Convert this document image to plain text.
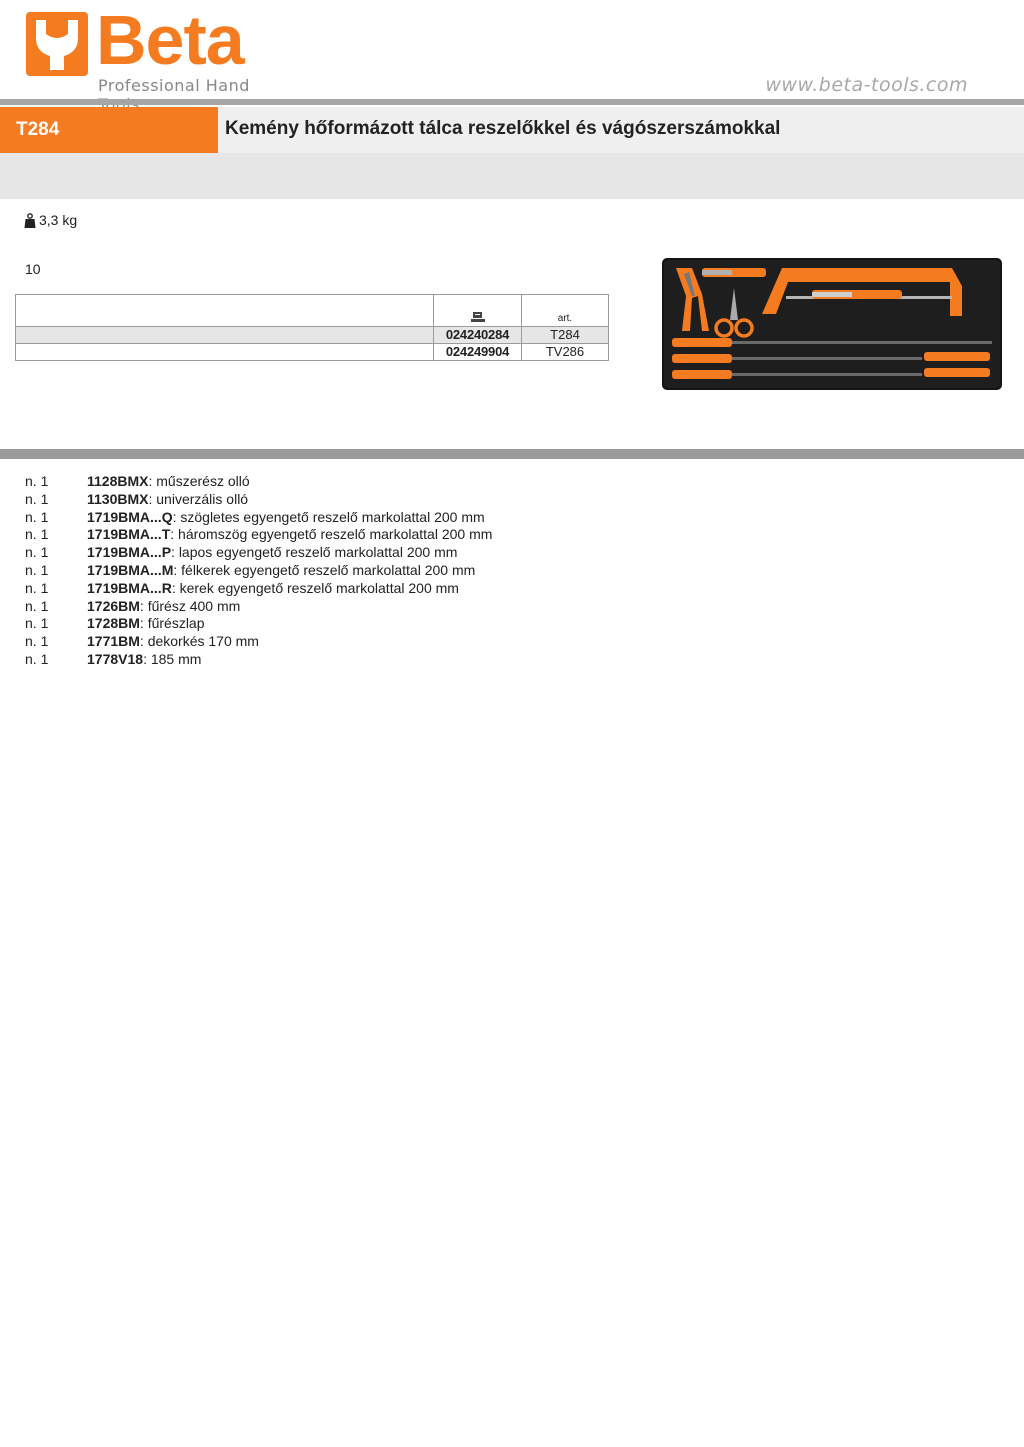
Beta
Professional Hand	www.beta-tools.com
T284	Kemény hőformázott tálca reszelőkkel és vágószerszámokkal
3,3 kg
10
		art.
	024240284	T284
	024249904	TV286
n. 1	1128BMX: műszerész olló
n. 1	1130BMX: univerzális olló
n. 1	1719BMA...Q: szögletes egyengető reszelő markolattal 200 mm
n. 1	1719BMA...T: háromszög egyengető reszelő markolattal 200 mm
n. 1	1719BMA...P: lapos egyengető reszelő markolattal 200 mm
n. 1	1719BMA...M: félkerek egyengető reszelő markolattal 200 mm
n. 1	1719BMA...R: kerek egyengető reszelő markolattal 200 mm
n. 1	1726BM: fűrész 400 mm
n. 1	1728BM: fűrészlap
n. 1	1771BM: dekorkés 170 mm
n. 1	1778V18: 185 mm
